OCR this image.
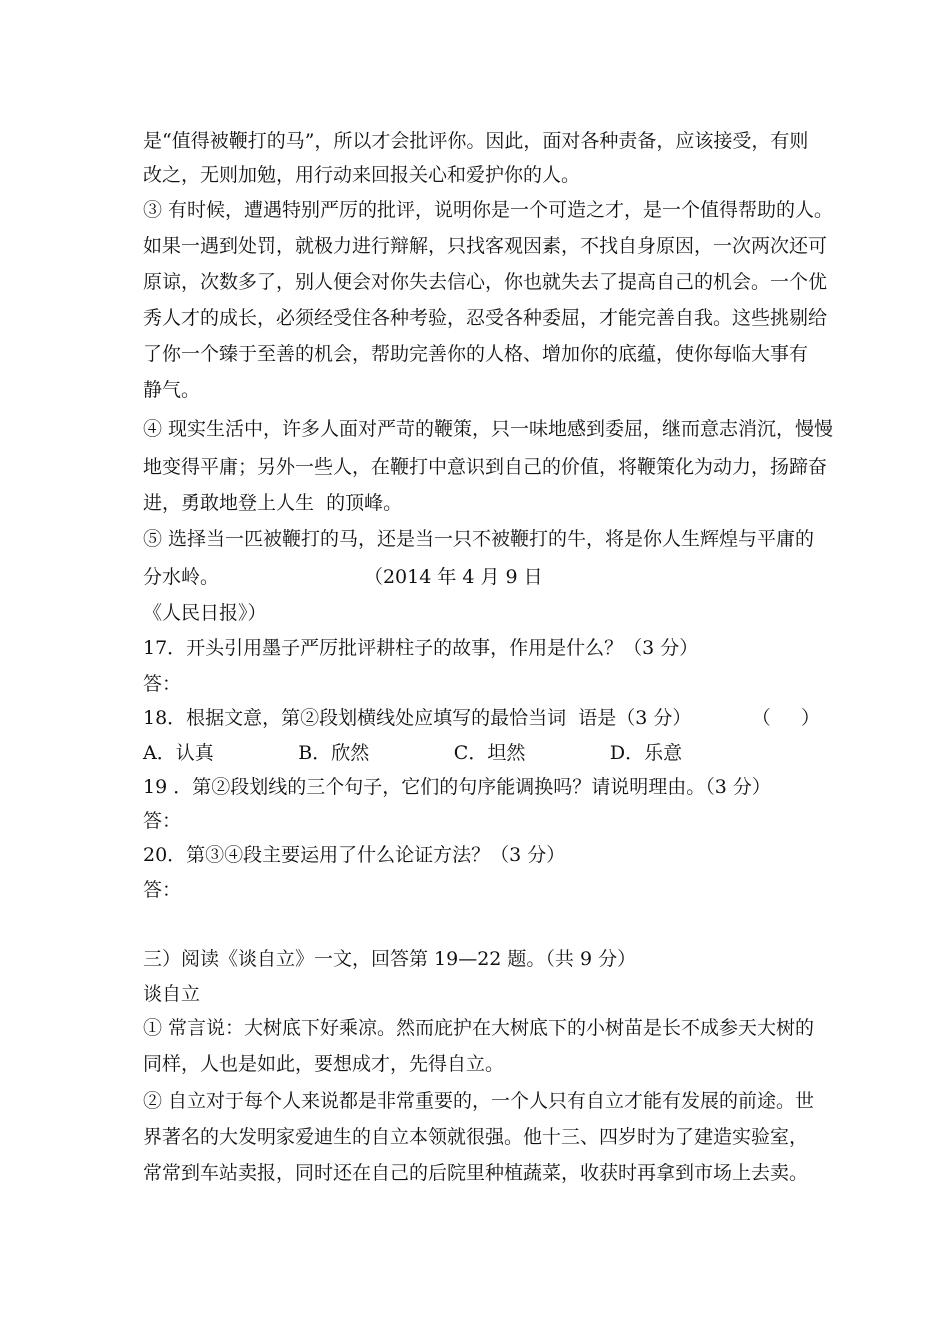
是“值得被鞭打的马”，所以才会批评你。因此，面对各种责备，应该接受，有则
改之，无则加勉，用行动来回报关心和爱护你的人。
③ 有时候，遭遇特别严厉的批评，说明你是一个可造之才，是一个值得帮助的人。
如果一遇到处罚，就极力进行辩解，只找客观因素，不找自身原因，一次两次还可
原谅，次数多了，别人便会对你失去信心，你也就失去了提高自己的机会。一个优
秀人才的成长，必须经受住各种考验，忍受各种委屈，才能完善自我。这些挑剔给
了你一个臻于至善的机会，帮助完善你的人格、增加你的底蕴，使你每临大事有
静气。
④ 现实生活中，许多人面对严苛的鞭策，只一味地感到委屈，继而意志消沉，慢慢
地变得平庸；另外一些人，在鞭打中意识到自己的价值，将鞭策化为动力，扬蹄奋
进，勇敢地登上人生  的顶峰。
⑤ 选择当一匹被鞭打的马，还是当一只不被鞭打的牛，将是你人生辉煌与平庸的
分水岭。                        （2014 年 4 月 9 日
《人民日报》）
17．开头引用墨子严厉批评耕柱子的故事，作用是什么？（3 分）
答：
18．根据文意，第②段划横线处应填写的最恰当词  语是（3 分）          （     ）
A．认真              B．欣然              C．坦然              D．乐意
19 ．第②段划线的三个句子，它们的句序能调换吗？请说明理由。（3 分）
答：
20．第③④段主要运用了什么论证方法？（3 分）
答：
三）阅读《谈自立》一文，回答第 19—22 题。（共 9 分）
谈自立
① 常言说：大树底下好乘凉。然而庇护在大树底下的小树苗是长不成参天大树的
同样，人也是如此，要想成才，先得自立。
② 自立对于每个人来说都是非常重要的，一个人只有自立才能有发展的前途。世
界著名的大发明家爱迪生的自立本领就很强。他十三、四岁时为了建造实验室，
常常到车站卖报，同时还在自己的后院里种植蔬菜，收获时再拿到市场上去卖。
